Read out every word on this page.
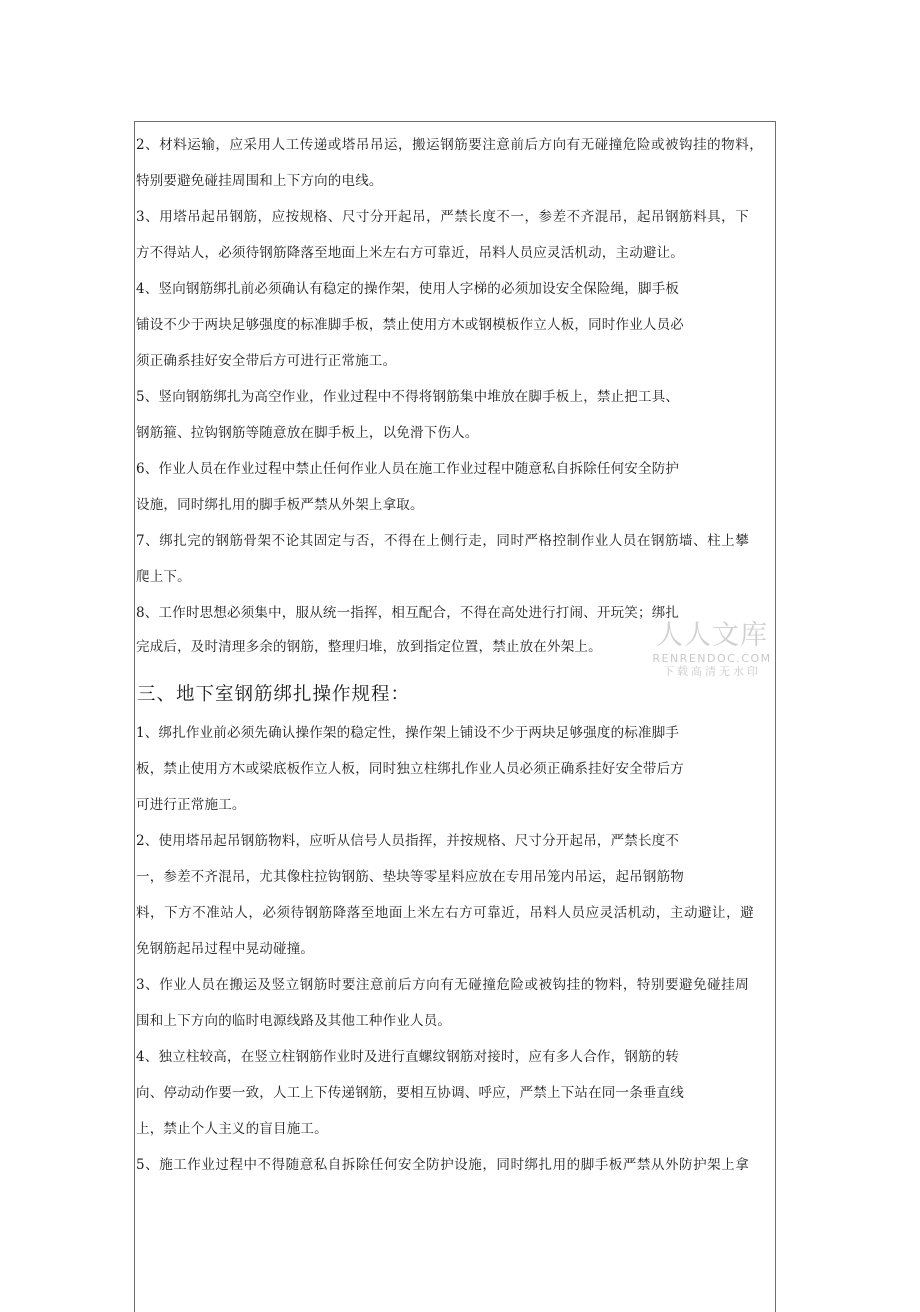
2、材料运输，应采用人工传递或塔吊吊运，搬运钢筋要注意前后方向有无碰撞危险或被钩挂的物料，
特别要避免碰挂周围和上下方向的电线。
3、用塔吊起吊钢筋，应按规格、尺寸分开起吊，严禁长度不一，参差不齐混吊，起吊钢筋料具，下
方不得站人，必须待钢筋降落至地面上米左右方可靠近，吊料人员应灵活机动，主动避让。
4、竖向钢筋绑扎前必须确认有稳定的操作架，使用人字梯的必须加设安全保险绳，脚手板
铺设不少于两块足够强度的标准脚手板，禁止使用方木或钢模板作立人板，同时作业人员必
须正确系挂好安全带后方可进行正常施工。
5、竖向钢筋绑扎为高空作业，作业过程中不得将钢筋集中堆放在脚手板上，禁止把工具、
钢筋箍、拉钩钢筋等随意放在脚手板上，以免滑下伤人。
6、作业人员在作业过程中禁止任何作业人员在施工作业过程中随意私自拆除任何安全防护
设施，同时绑扎用的脚手板严禁从外架上拿取。
7、绑扎完的钢筋骨架不论其固定与否，不得在上侧行走，同时严格控制作业人员在钢筋墙、柱上攀
爬上下。
8、工作时思想必须集中，服从统一指挥，相互配合，不得在高处进行打闹、开玩笑；绑扎
完成后，及时清理多余的钢筋，整理归堆，放到指定位置，禁止放在外架上。 人人文库
RENRENDOC.COM
下载高清无水印
三、地下室钢筋绑扎操作规程：
1、绑扎作业前必须先确认操作架的稳定性，操作架上铺设不少于两块足够强度的标准脚手
板，禁止使用方木或梁底板作立人板，同时独立柱绑扎作业人员必须正确系挂好安全带后方
可进行正常施工。
2、使用塔吊起吊钢筋物料，应听从信号人员指挥，并按规格、尺寸分开起吊，严禁长度不
一，参差不齐混吊，尤其像柱拉钩钢筋、垫块等零星料应放在专用吊笼内吊运，起吊钢筋物
料，下方不准站人，必须待钢筋降落至地面上米左右方可靠近，吊料人员应灵活机动，主动避让，避
免钢筋起吊过程中晃动碰撞。
3、作业人员在搬运及竖立钢筋时要注意前后方向有无碰撞危险或被钩挂的物料，特别要避免碰挂周
围和上下方向的临时电源线路及其他工种作业人员。
4、独立柱较高，在竖立柱钢筋作业时及进行直螺纹钢筋对接时，应有多人合作，钢筋的转
向、停动动作要一致，人工上下传递钢筋，要相互协调、呼应，严禁上下站在同一条垂直线
上，禁止个人主义的盲目施工。
5、施工作业过程中不得随意私自拆除任何安全防护设施，同时绑扎用的脚手板严禁从外防护架上拿
